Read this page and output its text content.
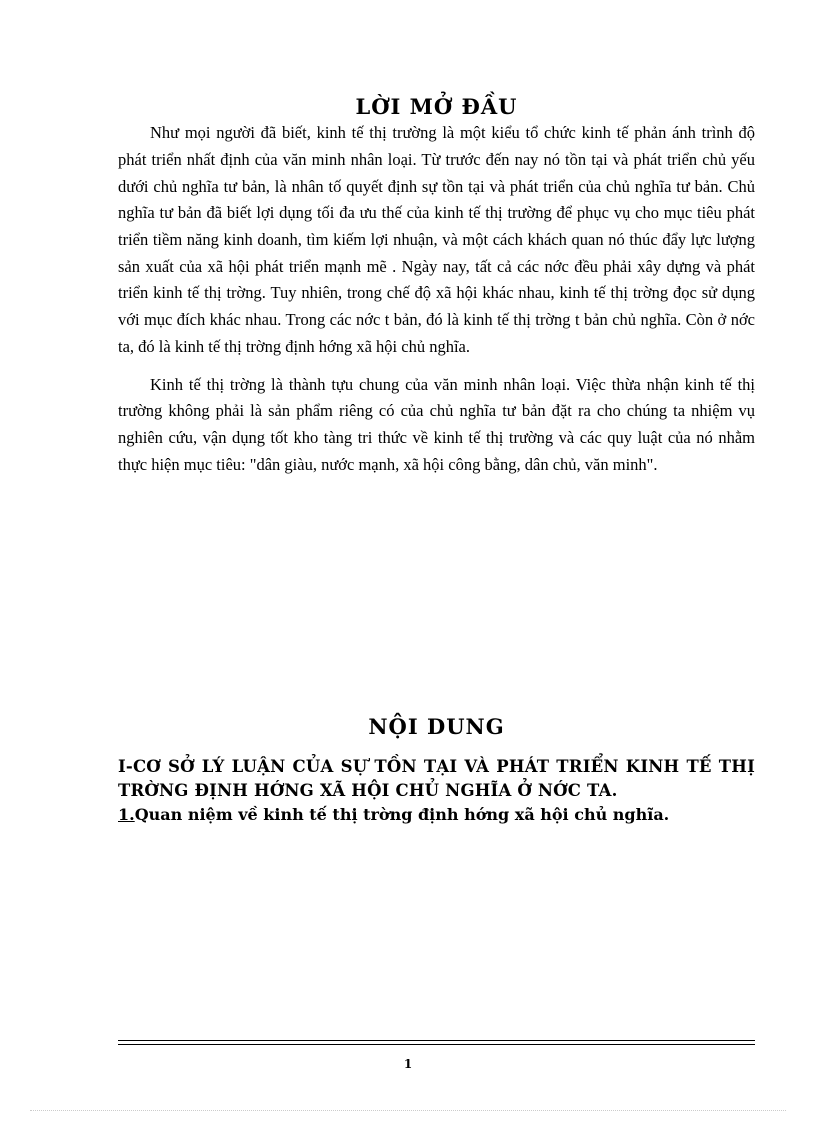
LỜI MỞ ĐẦU

Như mọi người đã biết, kinh tế thị trường là một kiểu tổ chức kinh tế phản ánh trình độ phát triển nhất định của văn minh nhân loại. Từ trước đến nay nó tồn tại và phát triển chủ yếu dưới chủ nghĩa tư bản, là nhân tố quyết định sự tồn tại và phát triển của chủ nghĩa tư bản. Chủ nghĩa tư bản đã biết lợi dụng tối đa ưu thế của kinh tế thị trường để phục vụ cho mục tiêu phát triển tiềm năng kinh doanh, tìm kiếm lợi nhuận, và một cách khách quan nó thúc đẩy lực lượng sản xuất của xã hội phát triển mạnh mẽ . Ngày nay, tất cả các nớc đều phải xây dựng và phát triển kinh tế thị trờng. Tuy nhiên, trong chế độ xã hội khác nhau, kinh tế thị trờng đọc sử dụng với mục đích khác nhau. Trong các nớc t bản, đó là kinh tế thị trờng t bản chủ nghĩa. Còn ở nớc ta, đó là kinh tế thị trờng định hớng xã hội chủ nghĩa.

Kinh tế thị trờng là thành tựu chung của văn minh nhân loại. Việc thừa nhận kinh tế thị trường không phải là sản phẩm riêng có của chủ nghĩa tư bản đặt ra cho chúng ta nhiệm vụ nghiên cứu, vận dụng tốt kho tàng tri thức về kinh tế thị trường và các quy luật của nó nhằm thực hiện mục tiêu: "dân giàu, nước mạnh, xã hội công bằng, dân chủ, văn minh".

NỘI DUNG

I-CƠ SỞ LÝ LUẬN CỦA SỰ TỒN TẠI VÀ PHÁT TRIỂN KINH TẾ THỊ TRỜNG ĐỊNH HỚNG XÃ HỘI CHỦ NGHĨA Ở NỚC TA.

1.Quan niệm về kinh tế thị trờng định hớng xã hội chủ nghĩa.

1
